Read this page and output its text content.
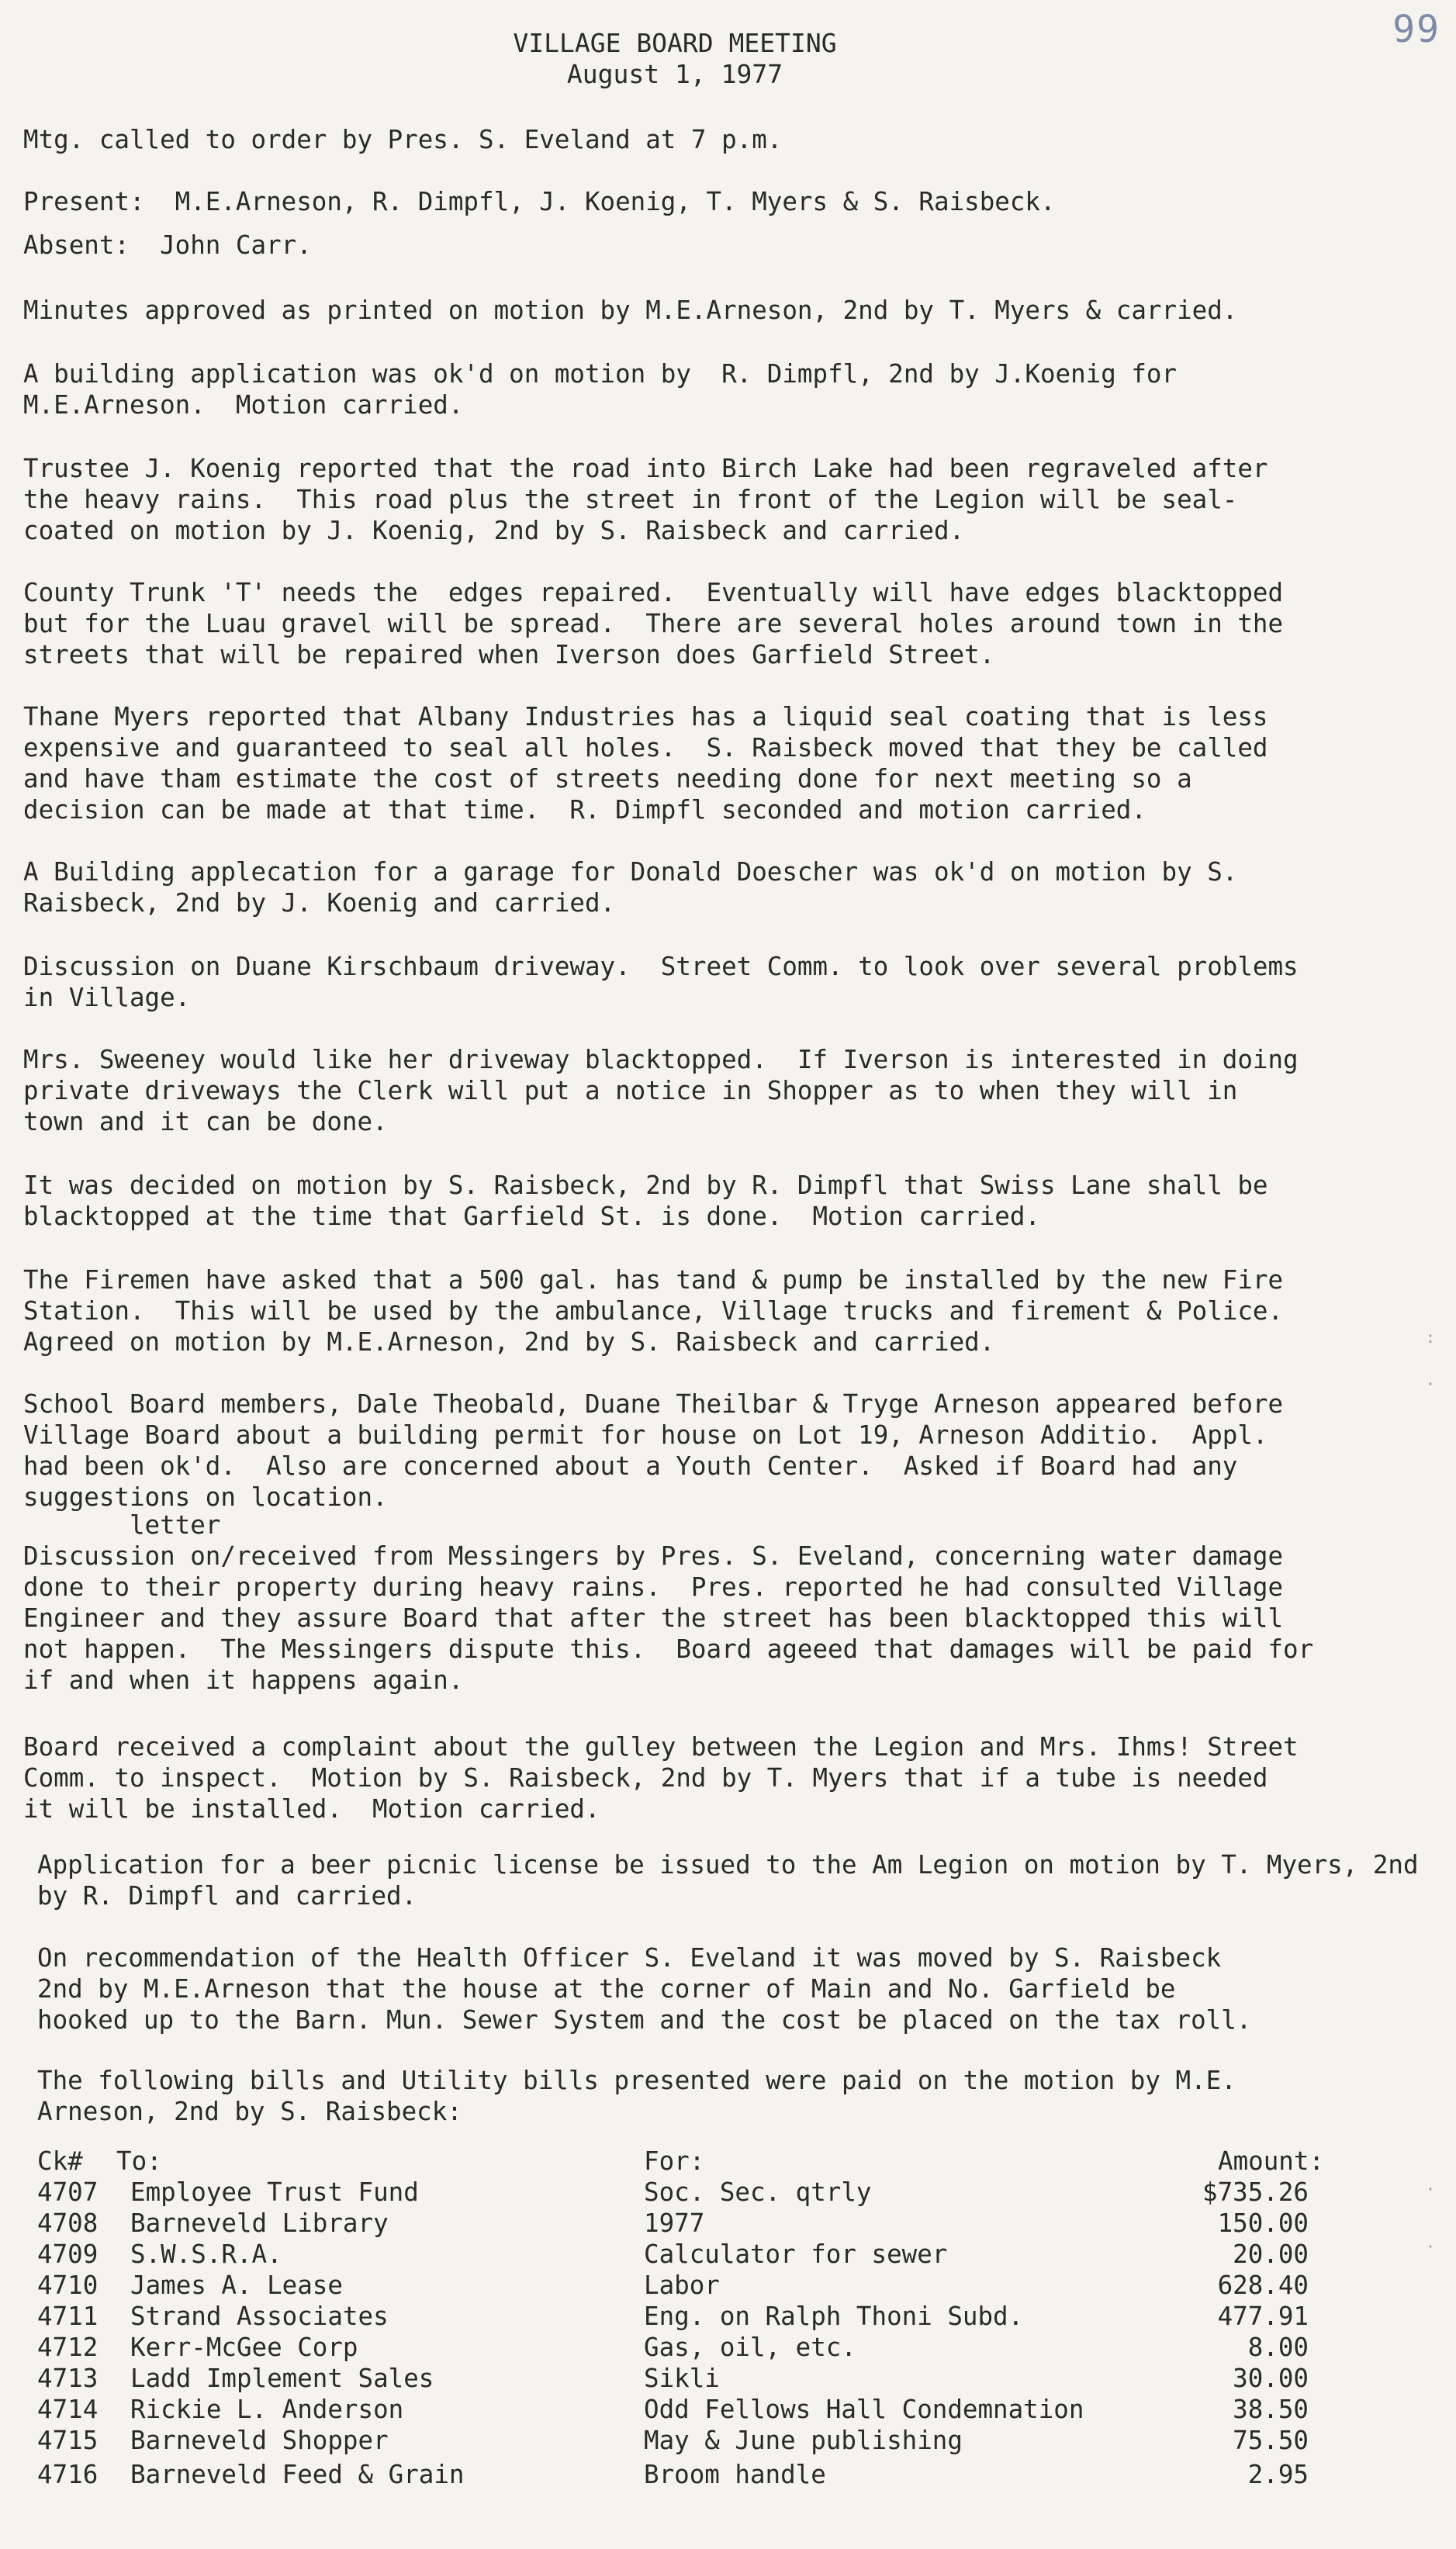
99
VILLAGE BOARD MEETING
August 1, 1977
Mtg. called to order by Pres. S. Eveland at 7 p.m.
Present:  M.E.Arneson, R. Dimpfl, J. Koenig, T. Myers & S. Raisbeck.
Absent:  John Carr.
Minutes approved as printed on motion by M.E.Arneson, 2nd by T. Myers & carried.
A building application was ok'd on motion by  R. Dimpfl, 2nd by J.Koenig for
M.E.Arneson.  Motion carried.
Trustee J. Koenig reported that the road into Birch Lake had been regraveled after
the heavy rains.  This road plus the street in front of the Legion will be seal-
coated on motion by J. Koenig, 2nd by S. Raisbeck and carried.
County Trunk 'T' needs the  edges repaired.  Eventually will have edges blacktopped
but for the Luau gravel will be spread.  There are several holes around town in the
streets that will be repaired when Iverson does Garfield Street.
Thane Myers reported that Albany Industries has a liquid seal coating that is less
expensive and guaranteed to seal all holes.  S. Raisbeck moved that they be called
and have tham estimate the cost of streets needing done for next meeting so a
decision can be made at that time.  R. Dimpfl seconded and motion carried.
A Building applecation for a garage for Donald Doescher was ok'd on motion by S.
Raisbeck, 2nd by J. Koenig and carried.
Discussion on Duane Kirschbaum driveway.  Street Comm. to look over several problems
in Village.
Mrs. Sweeney would like her driveway blacktopped.  If Iverson is interested in doing
private driveways the Clerk will put a notice in Shopper as to when they will in
town and it can be done.
It was decided on motion by S. Raisbeck, 2nd by R. Dimpfl that Swiss Lane shall be
blacktopped at the time that Garfield St. is done.  Motion carried.
The Firemen have asked that a 500 gal. has tand & pump be installed by the new Fire
Station.  This will be used by the ambulance, Village trucks and firement & Police.
Agreed on motion by M.E.Arneson, 2nd by S. Raisbeck and carried.
School Board members, Dale Theobald, Duane Theilbar & Tryge Arneson appeared before
Village Board about a building permit for house on Lot 19, Arneson Additio.  Appl.
had been ok'd.  Also are concerned about a Youth Center.  Asked if Board had any
suggestions on location.
letter
Discussion on/received from Messingers by Pres. S. Eveland, concerning water damage
done to their property during heavy rains.  Pres. reported he had consulted Village
Engineer and they assure Board that after the street has been blacktopped this will
not happen.  The Messingers dispute this.  Board ageeed that damages will be paid for
if and when it happens again.
Board received a complaint about the gulley between the Legion and Mrs. Ihms! Street
Comm. to inspect.  Motion by S. Raisbeck, 2nd by T. Myers that if a tube is needed
it will be installed.  Motion carried.
Application for a beer picnic license be issued to the Am Legion on motion by T. Myers, 2nd
by R. Dimpfl and carried.
On recommendation of the Health Officer S. Eveland it was moved by S. Raisbeck
2nd by M.E.Arneson that the house at the corner of Main and No. Garfield be
hooked up to the Barn. Mun. Sewer System and the cost be placed on the tax roll.
The following bills and Utility bills presented were paid on the motion by M.E.
Arneson, 2nd by S. Raisbeck:
Ck# To:	For:	Amount:
4707 Employee Trust Fund	Soc. Sec. qtrly	$735.26
4708 Barneveld Library	1977	150.00
4709 S.W.S.R.A.	Calculator for sewer	20.00
4710 James A. Lease	Labor	628.40
4711 Strand Associates	Eng. on Ralph Thoni Subd.	477.91
4712 Kerr-McGee Corp	Gas, oil, etc.	8.00
4713 Ladd Implement Sales	Sikli	30.00
4714 Rickie L. Anderson	Odd Fellows Hall Condemnation	38.50
4715 Barneveld Shopper	May & June publishing	75.50
4716 Barneveld Feed & Grain	Broom handle	2.95
:
·
·
·
